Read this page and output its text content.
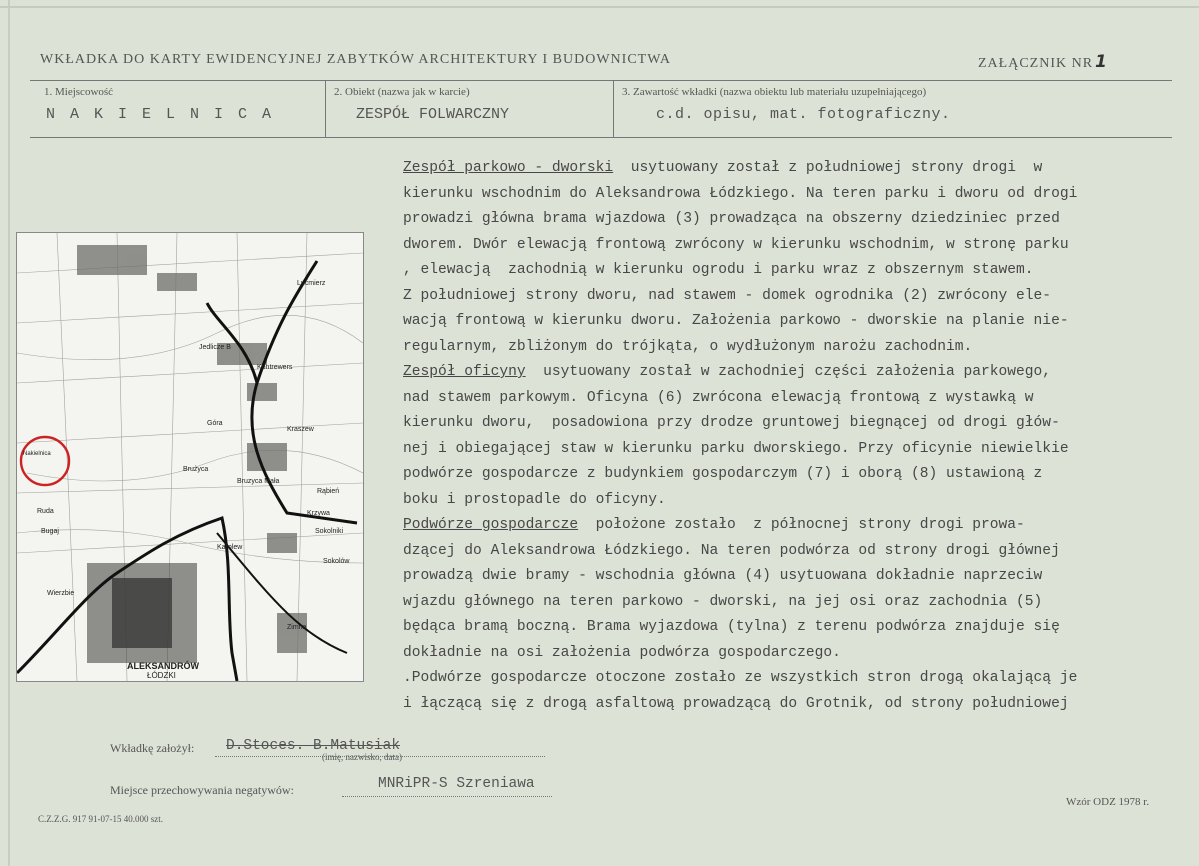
WKŁADKA DO KARTY EWIDENCYJNEJ ZABYTKÓW ARCHITEKTURY I BUDOWNICTWA	ZAŁĄCZNIK NR 1
1. Miejscowość
N A K I E L N I C A
2. Obiekt (nazwa jak w karcie)
ZESPÓŁ FOLWARCZNY
3. Zawartość wkładki (nazwa obiektu lub materiału uzupełniającego)
c.d. opisu, mat. fotograficzny.
ALEKSANDRÓW
ŁÓDZKI
Brużyca
Sokolów
Ruda
Bugaj
Wierzbie
Jedlicze B
Lućmierz
Kontrewers
Góra
Kraszew
Bruzyca Mała
Rąbień
Zimna
Karolew
Krzywa
Sokolniki
Nakielnica

Zespół parkowo - dworski  usytuowany został z południowej strony drogi  w

kierunku wschodnim do Aleksandrowa Łódzkiego. Na teren parku i dworu od drogi

prowadzi główna brama wjazdowa (3) prowadząca na obszerny dziedziniec przed

dworem. Dwór elewacją frontową zwrócony w kierunku wschodnim, w stronę parku

, elewacją  zachodnią w kierunku ogrodu i parku wraz z obszernym stawem.

Z południowej strony dworu, nad stawem - domek ogrodnika (2) zwrócony ele-

wacją frontową w kierunku dworu. Założenia parkowo - dworskie na planie nie-

regularnym, zbliżonym do trójkąta, o wydłużonym narożu zachodnim.

Zespół oficyny  usytuowany został w zachodniej części założenia parkowego,

nad stawem parkowym. Oficyna (6) zwrócona elewacją frontową z wystawką w

kierunku dworu,  posadowiona przy drodze gruntowej biegnącej od drogi głów-

nej i obiegającej staw w kierunku parku dworskiego. Przy oficynie niewielkie

podwórze gospodarcze z budynkiem gospodarczym (7) i oborą (8) ustawioną z

boku i prostopadle do oficyny.

Podwórze gospodarcze  położone zostało  z północnej strony drogi prowa-

dzącej do Aleksandrowa Łódzkiego. Na teren podwórza od strony drogi głównej

prowadzą dwie bramy - wschodnia główna (4) usytuowana dokładnie naprzeciw

wjazdu głównego na teren parkowo - dworski, na jej osi oraz zachodnia (5)

będąca bramą boczną. Brama wyjazdowa (tylna) z terenu podwórza znajduje się

dokładnie na osi założenia podwórza gospodarczego.

.Podwórze gospodarcze otoczone zostało ze wszystkich stron drogą okalającą je

i łączącą się z drogą asfaltową prowadzącą do Grotnik, od strony południowej

Wkładkę założył: D.Stoces. B.Matusiak
(imię, nazwisko, data)
Miejsce przechowywania negatywów:	MNRiPR-S Szreniawa
C.Z.Z.G. 917 91-07-15 40.000 szt.
Wzór ODZ 1978 r.
